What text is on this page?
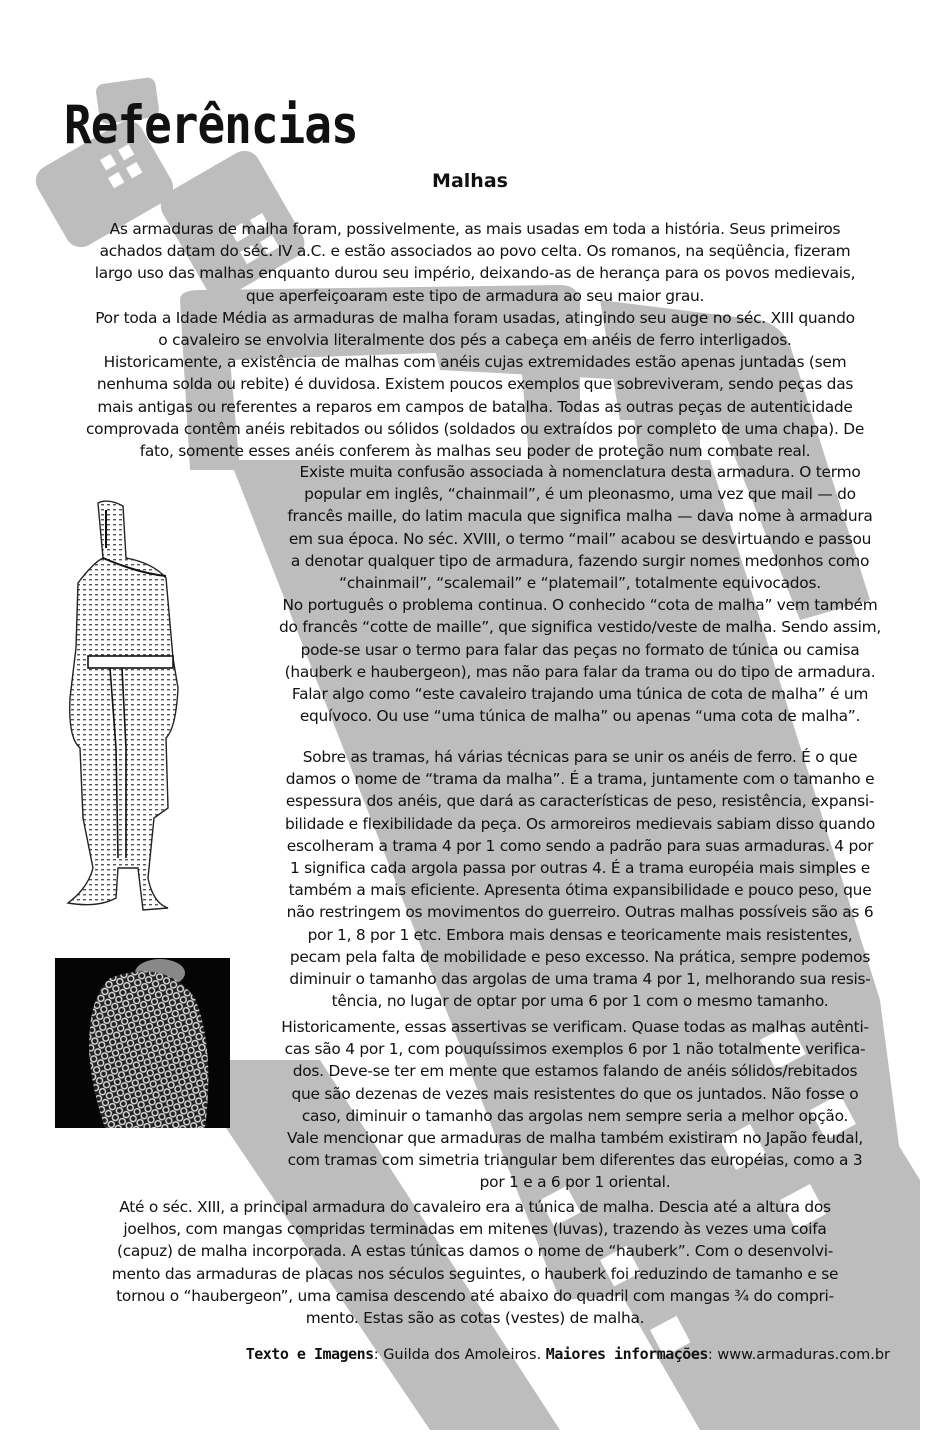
Referências
Malhas
As armaduras de malha foram, possivelmente, as mais usadas em toda a história. Seus primeiros
achados datam do séc. IV a.C. e estão associados ao povo celta. Os romanos, na seqüência, fizeram
largo uso das malhas enquanto durou seu império, deixando-as de herança para os povos medievais,
que aperfeiçoaram este tipo de armadura ao seu maior grau.
Por toda a Idade Média as armaduras de malha foram usadas, atingindo seu auge no séc. XIII quando
o cavaleiro se envolvia literalmente dos pés a cabeça em anéis de ferro interligados.
Historicamente, a existência de malhas com anéis cujas extremidades estão apenas juntadas (sem
nenhuma solda ou rebite) é duvidosa. Existem poucos exemplos que sobreviveram, sendo peças das
mais antigas ou referentes a reparos em campos de batalha. Todas as outras peças de autenticidade
comprovada contêm anéis rebitados ou sólidos (soldados ou extraídos por completo de uma chapa). De
fato, somente esses anéis conferem às malhas seu poder de proteção num combate real.
Existe muita confusão associada à nomenclatura desta armadura. O termo
popular em inglês, “chainmail”, é um pleonasmo, uma vez que mail — do
francês maille, do latim macula que significa malha — dava nome à armadura
em sua época. No séc. XVIII, o termo “mail” acabou se desvirtuando e passou
a denotar qualquer tipo de armadura, fazendo surgir nomes medonhos como
“chainmail”, “scalemail” e “platemail”, totalmente equivocados.
No português o problema continua. O conhecido “cota de malha” vem também
do francês “cotte de maille”, que significa vestido/veste de malha. Sendo assim,
pode-se usar o termo para falar das peças no formato de túnica ou camisa
(hauberk e haubergeon), mas não para falar da trama ou do tipo de armadura.
Falar algo como “este cavaleiro trajando uma túnica de cota de malha” é um
equívoco. Ou use “uma túnica de malha” ou apenas “uma cota de malha”.
Sobre as tramas, há várias técnicas para se unir os anéis de ferro. É o que
damos o nome de “trama da malha”. É a trama, juntamente com o tamanho e
espessura dos anéis, que dará as características de peso, resistência, expansi-
bilidade e flexibilidade da peça. Os armoreiros medievais sabiam disso quando
escolheram a trama 4 por 1 como sendo a padrão para suas armaduras. 4 por
1 significa cada argola passa por outras 4. É a trama européia mais simples e
também a mais eficiente. Apresenta ótima expansibilidade e pouco peso, que
não restringem os movimentos do guerreiro. Outras malhas possíveis são as 6
por 1, 8 por 1 etc. Embora mais densas e teoricamente mais resistentes,
pecam pela falta de mobilidade e peso excesso. Na prática, sempre podemos
diminuir o tamanho das argolas de uma trama 4 por 1, melhorando sua resis-
tência, no lugar de optar por uma 6 por 1 com o mesmo tamanho.
Historicamente, essas assertivas se verificam. Quase todas as malhas autênti-
cas são 4 por 1, com pouquíssimos exemplos 6 por 1 não totalmente verifica-
dos. Deve-se ter em mente que estamos falando de anéis sólidos/rebitados
que são dezenas de vezes mais resistentes do que os juntados. Não fosse o
caso, diminuir o tamanho das argolas nem sempre seria a melhor opção.
Vale mencionar que armaduras de malha também existiram no Japão feudal,
com tramas com simetria triangular bem diferentes das européias, como a 3
por 1 e a 6 por 1 oriental.
Até o séc. XIII, a principal armadura do cavaleiro era a túnica de malha. Descia até a altura dos
joelhos, com mangas compridas terminadas em mitenes (luvas), trazendo às vezes uma coifa
(capuz) de malha incorporada. A estas túnicas damos o nome de “hauberk”. Com o desenvolvi-
mento das armaduras de placas nos séculos seguintes, o hauberk foi reduzindo de tamanho e se
tornou o “haubergeon”, uma camisa descendo até abaixo do quadril com mangas ¾ do compri-
mento. Estas são as cotas (vestes) de malha.
Texto e Imagens: Guilda dos Amoleiros. Maiores informações: www.armaduras.com.br
